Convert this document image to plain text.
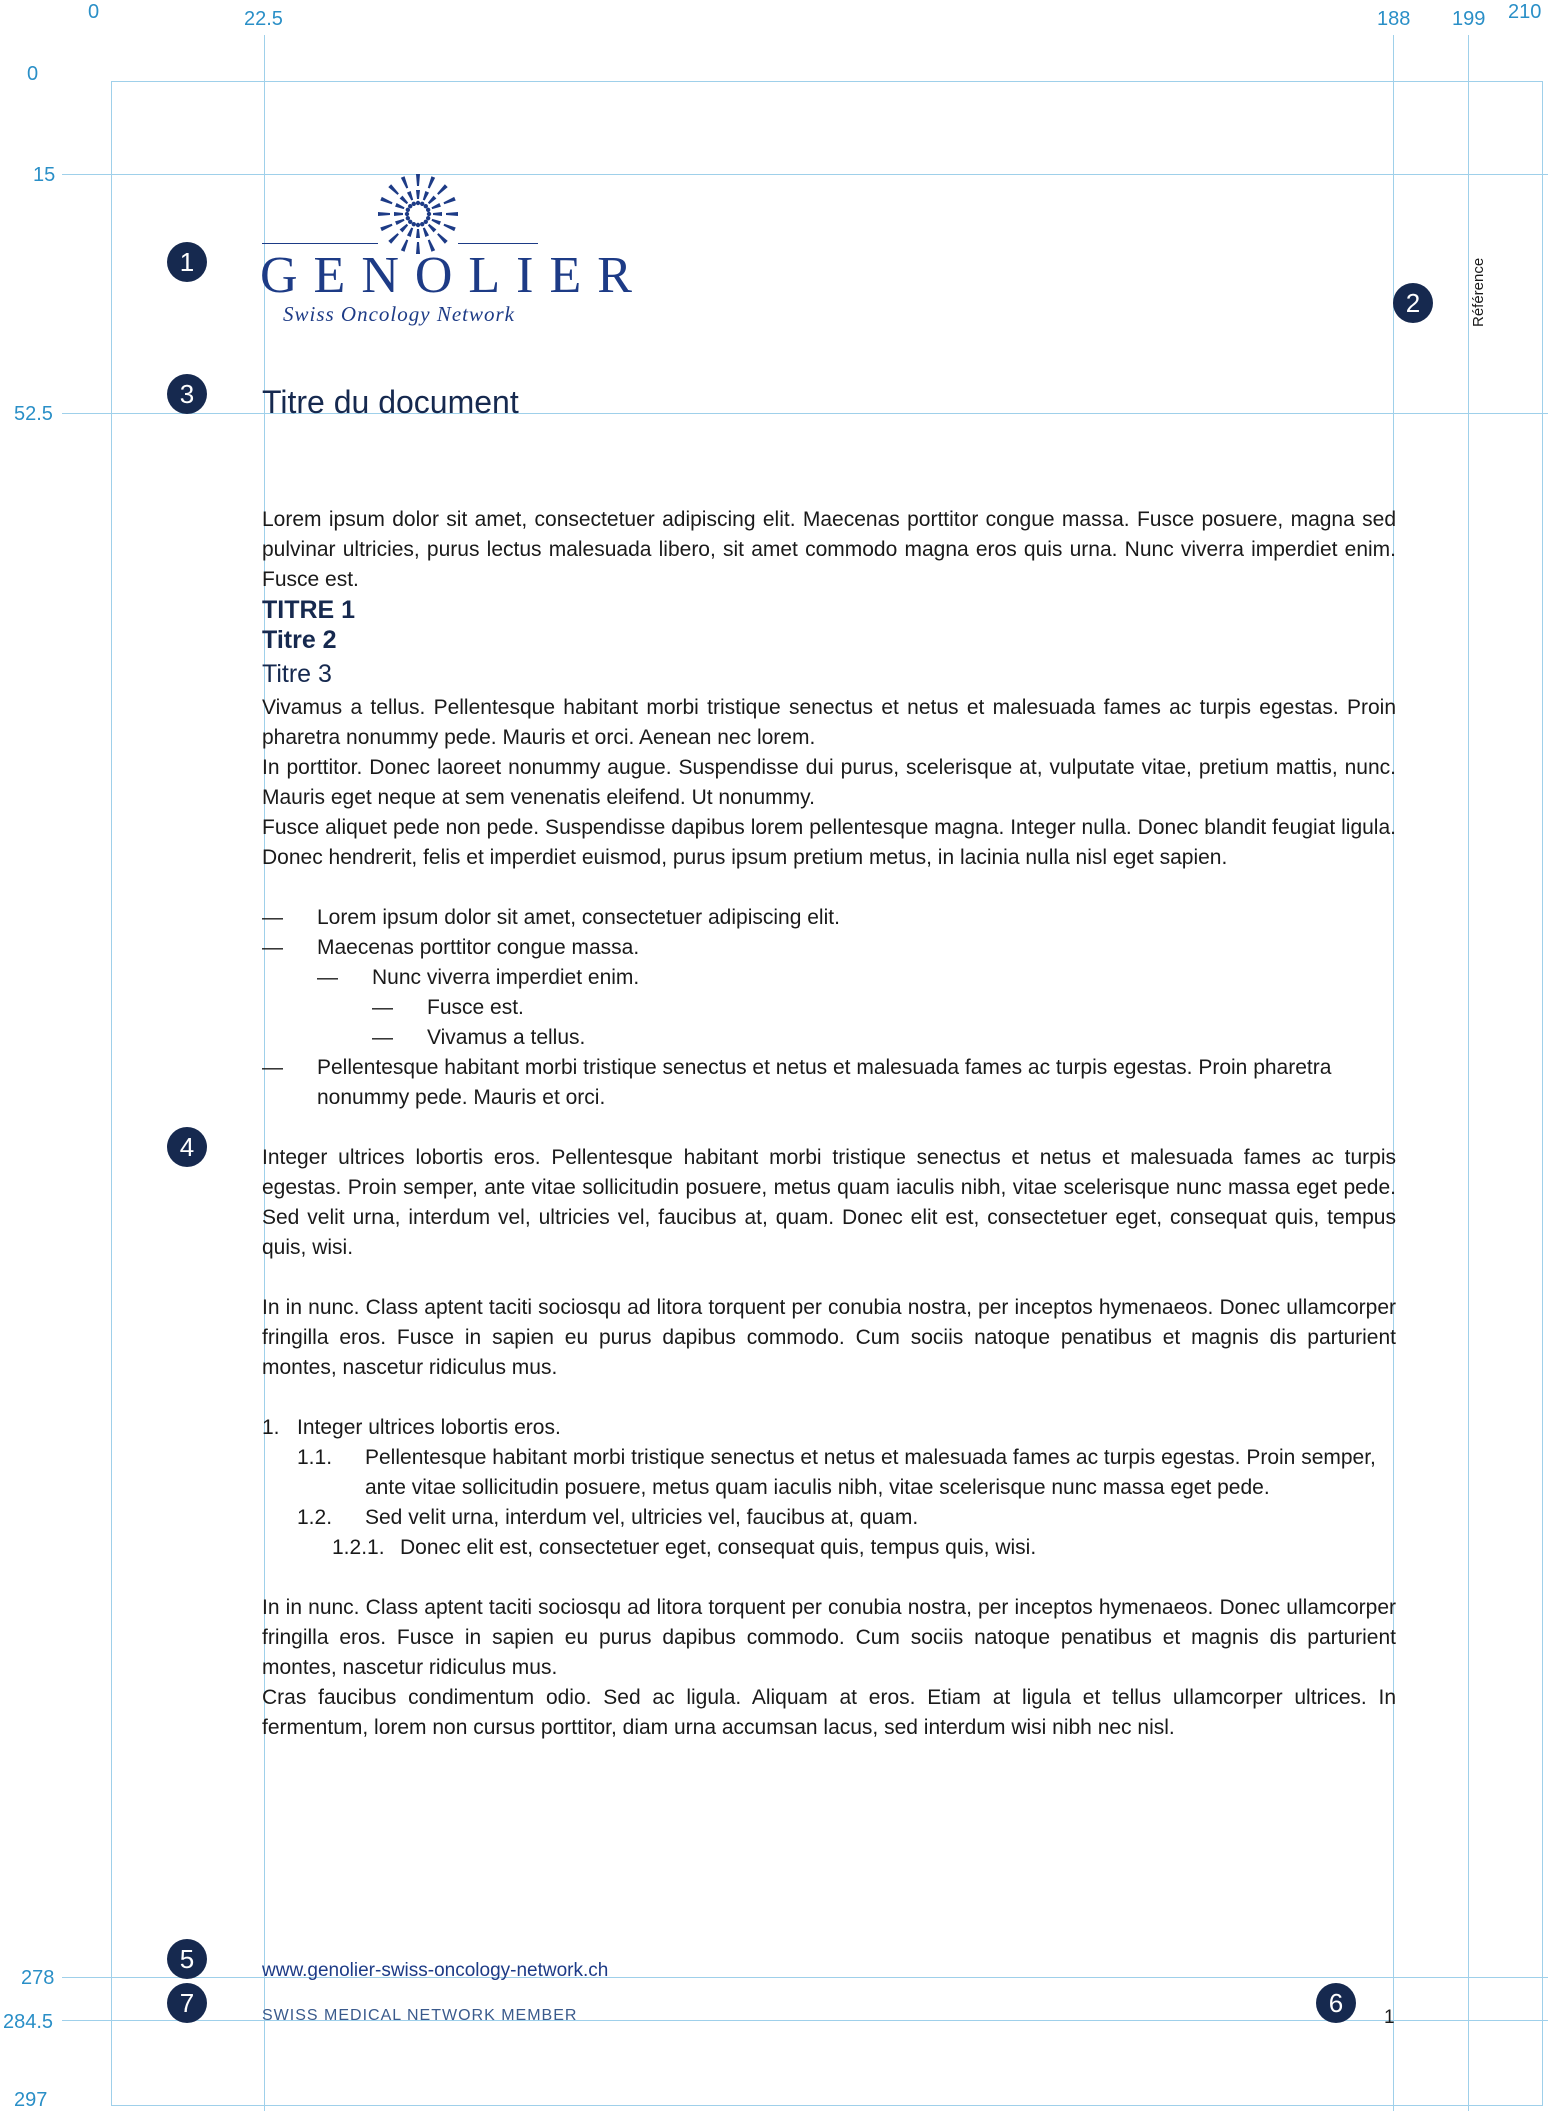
0	22.5	188 199 210
0
15
52.5
278
284.5
297
1
2
3
4
5
6
7
GENOLIER
Swiss Oncology Network	Référence
Titre du document

Lorem ipsum dolor sit amet, consectetuer adipiscing elit. Maecenas porttitor congue massa. Fusce posuere, magna sed pulvinar ultricies, purus lectus malesuada libero, sit amet commodo magna eros quis urna. Nunc viverra imperdiet enim. Fusce est.

TITRE 1
Titre 2
Titre 3

Vivamus a tellus. Pellentesque habitant morbi tristique senectus et netus et malesuada fames ac turpis egestas. Proin pharetra nonummy pede. Mauris et orci. Aenean nec lorem.

In porttitor. Donec laoreet nonummy augue. Suspendisse dui purus, scelerisque at, vulputate vitae, pretium mattis, nunc. Mauris eget neque at sem venenatis eleifend. Ut nonummy.

Fusce aliquet pede non pede. Suspendisse dapibus lorem pellentesque magna. Integer nulla. Donec blandit feugiat ligula. Donec hendrerit, felis et imperdiet euismod, purus ipsum pretium metus, in lacinia nulla nisl eget sapien.

—	Lorem ipsum dolor sit amet, consectetuer adipiscing elit.
—	Maecenas porttitor congue massa.
—	Nunc viverra imperdiet enim.
—	Fusce est.
—	Vivamus a tellus.
—	Pellentesque habitant morbi tristique senectus et netus et malesuada fames ac turpis egestas. Proin pharetra nonummy pede. Mauris et orci.

Integer ultrices lobortis eros. Pellentesque habitant morbi tristique senectus et netus et malesuada fames ac turpis egestas. Proin semper, ante vitae sollicitudin posuere, metus quam iaculis nibh, vitae scelerisque nunc massa eget pede. Sed velit urna, interdum vel, ultricies vel, faucibus at, quam. Donec elit est, consectetuer eget, consequat quis, tempus quis, wisi.

In in nunc. Class aptent taciti sociosqu ad litora torquent per conubia nostra, per inceptos hymenaeos. Donec ullamcorper fringilla eros. Fusce in sapien eu purus dapibus commodo. Cum sociis natoque penatibus et magnis dis parturient montes, nascetur ridiculus mus.

1. Integer ultrices lobortis eros.
1.1.	Pellentesque habitant morbi tristique senectus et netus et malesuada fames ac turpis egestas. Proin semper, ante vitae sollicitudin posuere, metus quam iaculis nibh, vitae scelerisque nunc massa eget pede.
1.2.	Sed velit urna, interdum vel, ultricies vel, faucibus at, quam.
1.2.1. Donec elit est, consectetuer eget, consequat quis, tempus quis, wisi.

In in nunc. Class aptent taciti sociosqu ad litora torquent per conubia nostra, per inceptos hymenaeos. Donec ullamcorper fringilla eros. Fusce in sapien eu purus dapibus commodo. Cum sociis natoque penatibus et magnis dis parturient montes, nascetur ridiculus mus.

Cras faucibus condimentum odio. Sed ac ligula. Aliquam at eros. Etiam at ligula et tellus ullamcorper ultrices. In fermentum, lorem non cursus porttitor, diam urna accumsan lacus, sed interdum wisi nibh nec nisl.

www.genolier-swiss-oncology-network.ch
SWISS MEDICAL NETWORK MEMBER	1
